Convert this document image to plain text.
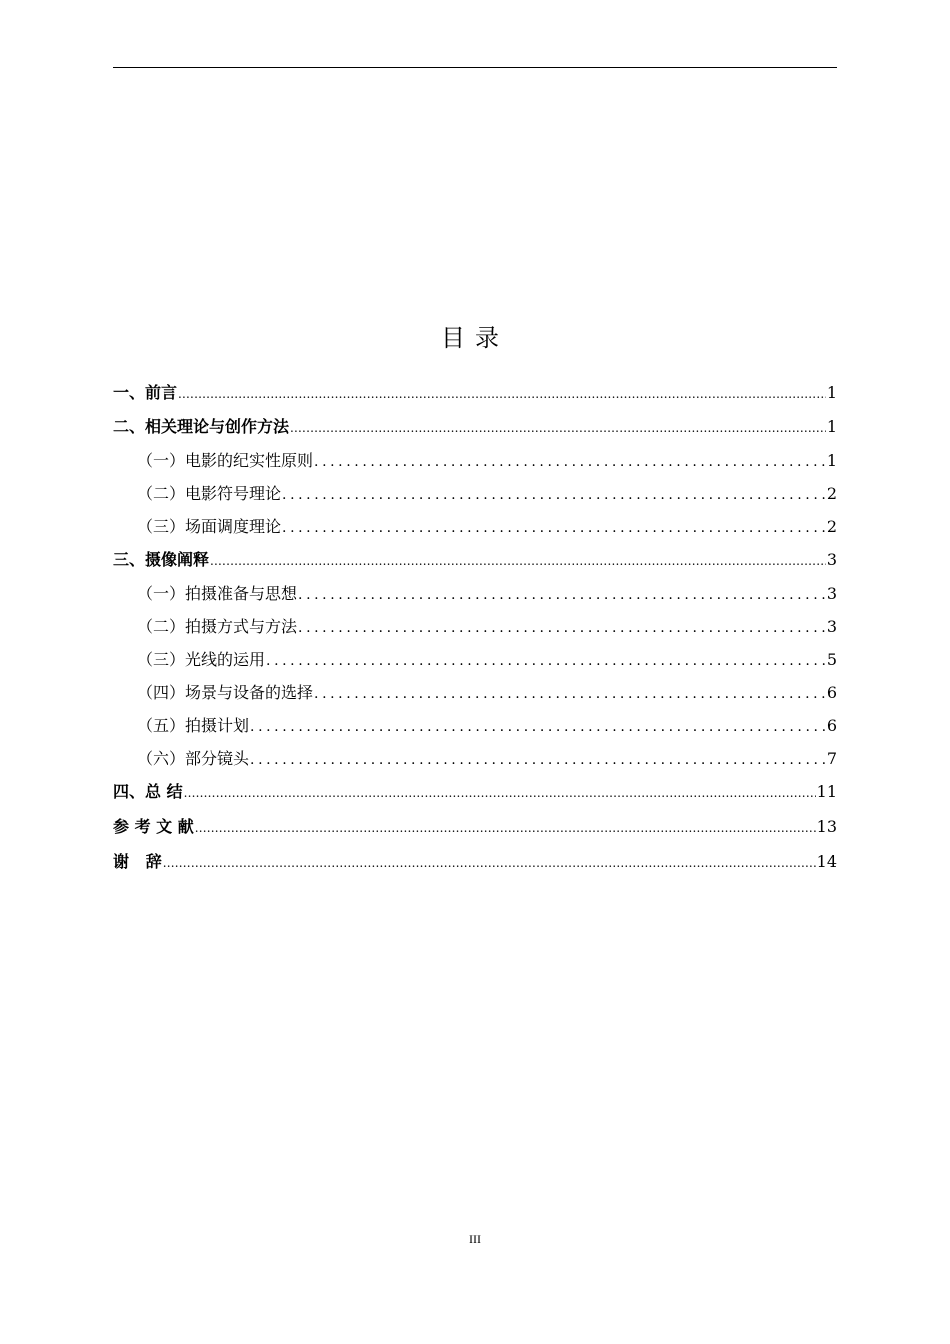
目录
一、前言 .....	1
二、相关理论与创作方法 .....	1
（一）电影的纪实性原则 .....	1
（二）电影符号理论 .....	2
（三）场面调度理论 .....	2
三、摄像阐释 .....	3
（一）拍摄准备与思想 .....	3
（二）拍摄方式与方法 .....	3
（三）光线的运用 .....	5
（四）场景与设备的选择 .....	6
（五）拍摄计划 .....	6
（六）部分镜头 .....	7
四、总 结 .....	11
参 考 文 献 .....	13
谢   辞 .....	14
III
